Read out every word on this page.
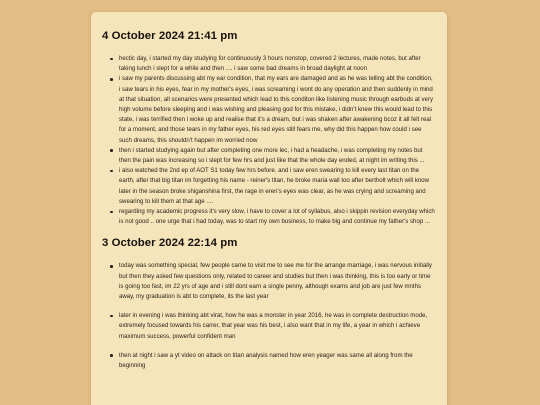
4 October 2024 21:41 pm
hectic day, i started my day studying for continuously 3 hours nonstop, covered 2 lectures, made notes, but after taking lunch i slept for a while and then .... i saw some bad dreams in broad daylight at noon
i saw my parents discussing abt my ear condition, that my ears are damaged and as he was telling abt the condition, i saw tears in his eyes, fear in my mother's eyes, i was screaming i wont do any operation and then suddenly in mind at that situation, all scenarios were presented which lead to this conditon like listening music through earbuds at very high volume before sleeping and i was wishing and pleasing god for this mistake, i didn't knew this would lead to this state, i was terrified then i woke up and realise that it's a dream, but i was shaken after awakening bcoz it all felt real for a moment, and those tears in my father eyes, his red eyes still fears me, why did this happen how could i see such dreams, this shouldn't happen im worried now
then i started studying again but after completing one more lec, i had a headache, i was completing my notes but then the pain was increasing so i slept for few hrs and just like that the whole day ended, at night im writing this ...
i also watched the 2nd ep of AOT S1 today few hrs before. and i saw eren swearing to kill every last titan on the earth, after that big titan im forgetting his name - reiner's titan, he broke maria wall too after bertholt which will know later in the season broke shiganshina first, the rage in eren's eyes was clear, as he was crying and screaming and swearing to kill them at that age ....
regarding my academic progress it's very slow, i have to cover a lot of syllabus, also i skippin revision everyday which is not good .. one urge that i had today, was to start my own business, to make big and continue my father's shop ...
3 October 2024 22:14 pm
today was something special, few people came to visit me to see me for the arrange marriage, i was nervous initially but then they asked few questions only, related to career and studies but then i was thinking, this is too early or time is going too fast, im 22 yrs of age and i still dont earn a single penny, although exams and job are just few mnths away, my graduation is abt to complete, its the last year
later in evening i was thinking abt virat, how he was a monster in year 2016, he was in complete destruction mode, extremely focused towards his carrer, that year was his best, i also want that in my life, a year in which i achieve maximum success, powerful confident man
then at night i saw a yt video on attack on titan analysis named how eren yeager was same all along from the beginning
